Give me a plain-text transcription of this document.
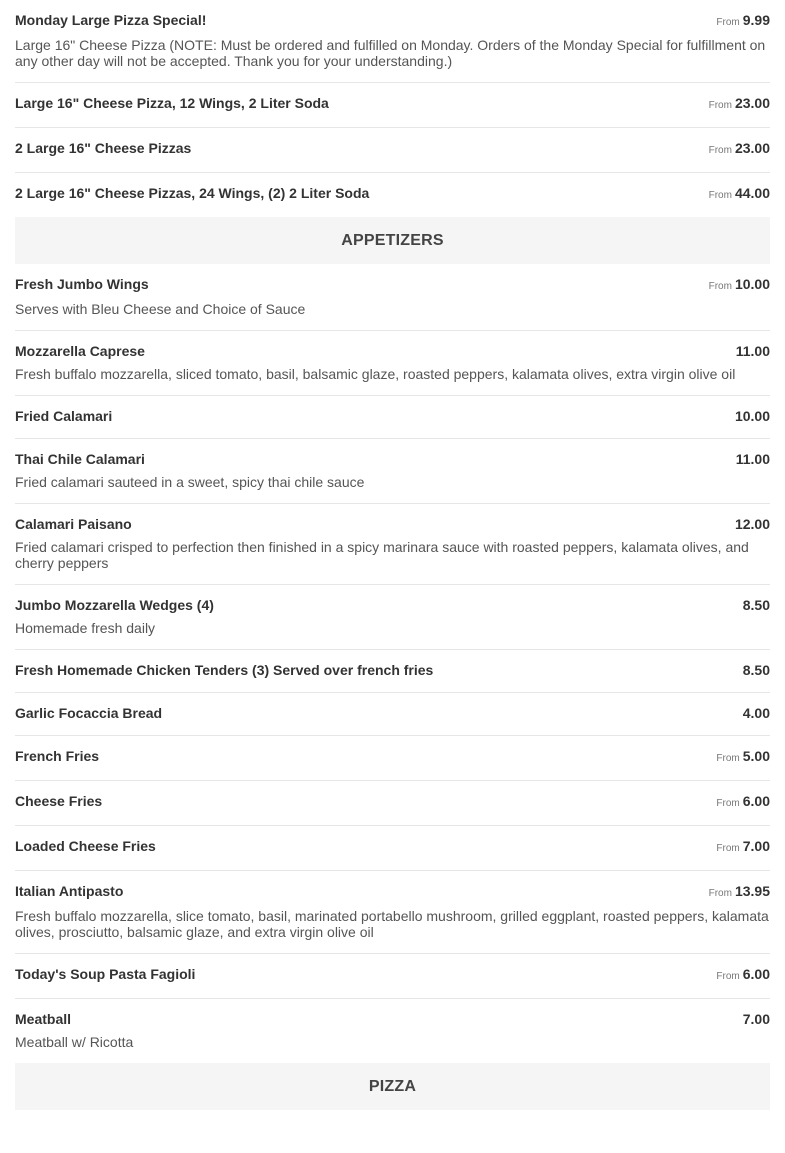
Monday Large Pizza Special!	From 9.99
Large 16" Cheese Pizza (NOTE: Must be ordered and fulfilled on Monday. Orders of the Monday Special for fulfillment on any other day will not be accepted. Thank you for your understanding.)
Large 16" Cheese Pizza, 12 Wings, 2 Liter Soda	From 23.00
2 Large 16" Cheese Pizzas	From 23.00
2 Large 16" Cheese Pizzas, 24 Wings, (2) 2 Liter Soda	From 44.00
APPETIZERS
Fresh Jumbo Wings	From 10.00
Serves with Bleu Cheese and Choice of Sauce
Mozzarella Caprese	11.00
Fresh buffalo mozzarella, sliced tomato, basil, balsamic glaze, roasted peppers, kalamata olives, extra virgin olive oil
Fried Calamari	10.00
Thai Chile Calamari	11.00
Fried calamari sauteed in a sweet, spicy thai chile sauce
Calamari Paisano	12.00
Fried calamari crisped to perfection then finished in a spicy marinara sauce with roasted peppers, kalamata olives, and cherry peppers
Jumbo Mozzarella Wedges (4)	8.50
Homemade fresh daily
Fresh Homemade Chicken Tenders (3) Served over french fries	8.50
Garlic Focaccia Bread	4.00
French Fries	From 5.00
Cheese Fries	From 6.00
Loaded Cheese Fries	From 7.00
Italian Antipasto	From 13.95
Fresh buffalo mozzarella, slice tomato, basil, marinated portabello mushroom, grilled eggplant, roasted peppers, kalamata olives, prosciutto, balsamic glaze, and extra virgin olive oil
Today's Soup Pasta Fagioli	From 6.00
Meatball	7.00
Meatball w/ Ricotta
PIZZA
